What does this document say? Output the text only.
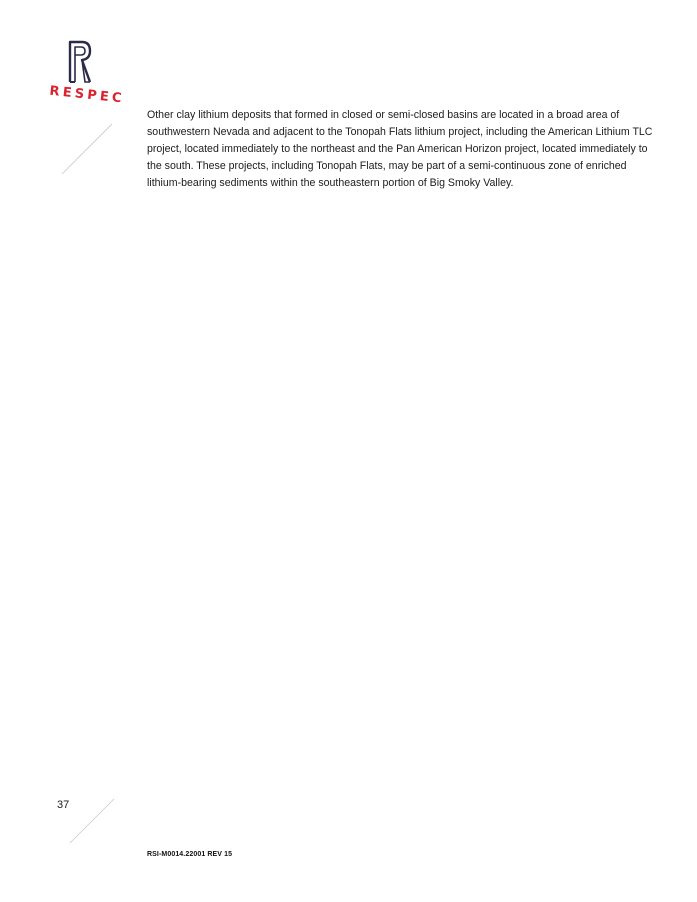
RESPEC

Other clay lithium deposits that formed in closed or semi-closed basins are located in a broad area of southwestern Nevada and adjacent to the Tonopah Flats lithium project, including the American Lithium TLC project, located immediately to the northeast and the Pan American Horizon project, located immediately to the south. These projects, including Tonopah Flats, may be part of a semi-continuous zone of enriched lithium-bearing sediments within the southeastern portion of Big Smoky Valley.

37
RSI-M0014.22001 REV 15
